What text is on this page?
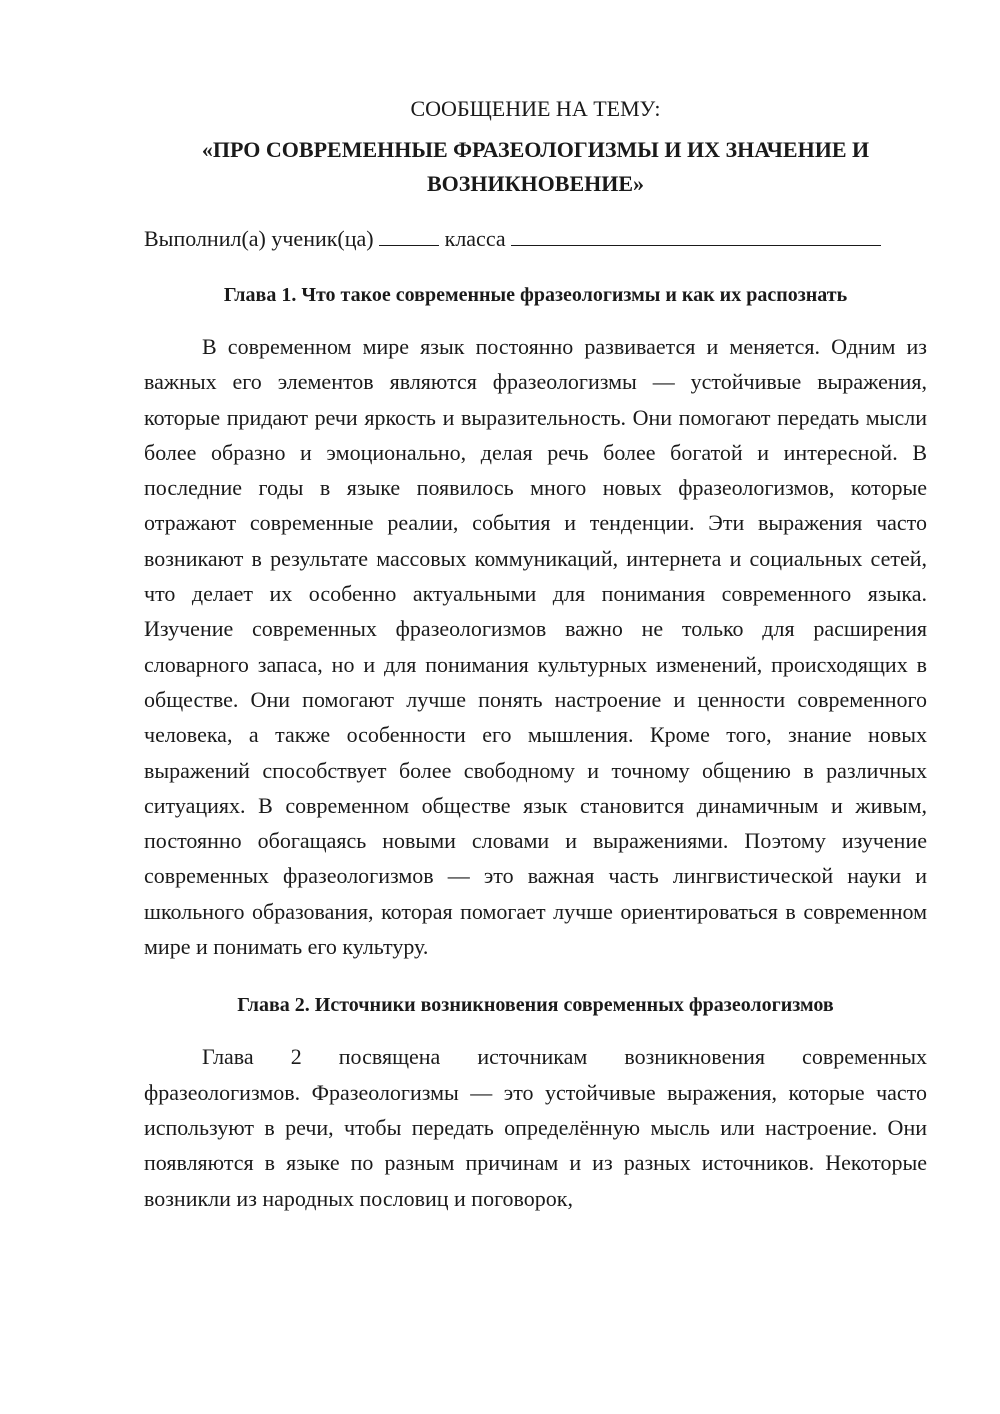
СООБЩЕНИЕ НА ТЕМУ:
«ПРО СОВРЕМЕННЫЕ ФРАЗЕОЛОГИЗМЫ И ИХ ЗНАЧЕНИЕ И ВОЗНИКНОВЕНИЕ»
Выполнил(а) ученик(ца)	класса
Глава 1. Что такое современные фразеологизмы и как их распознать

В современном мире язык постоянно развивается и меняется. Одним из важных его элементов являются фразеологизмы — устойчивые выражения, которые придают речи яркость и выразительность. Они помогают передать мысли более образно и эмоционально, делая речь более богатой и интересной. В последние годы в языке появилось много новых фразеологизмов, которые отражают современные реалии, события и тенденции. Эти выражения часто возникают в результате массовых коммуникаций, интернета и социальных сетей, что делает их особенно актуальными для понимания современного языка. Изучение современных фразеологизмов важно не только для расширения словарного запаса, но и для понимания культурных изменений, происходящих в обществе. Они помогают лучше понять настроение и ценности современного человека, а также особенности его мышления. Кроме того, знание новых выражений способствует более свободному и точному общению в различных ситуациях. В современном обществе язык становится динамичным и живым, постоянно обогащаясь новыми словами и выражениями. Поэтому изучение современных фразеологизмов — это важная часть лингвистической науки и школьного образования, которая помогает лучше ориентироваться в современном мире и понимать его культуру.

Глава 2. Источники возникновения современных фразеологизмов

Глава 2 посвящена источникам возникновения современных фразеологизмов. Фразеологизмы — это устойчивые выражения, которые часто используют в речи, чтобы передать определённую мысль или настроение. Они появляются в языке по разным причинам и из разных источников. Некоторые возникли из народных пословиц и поговорок,
